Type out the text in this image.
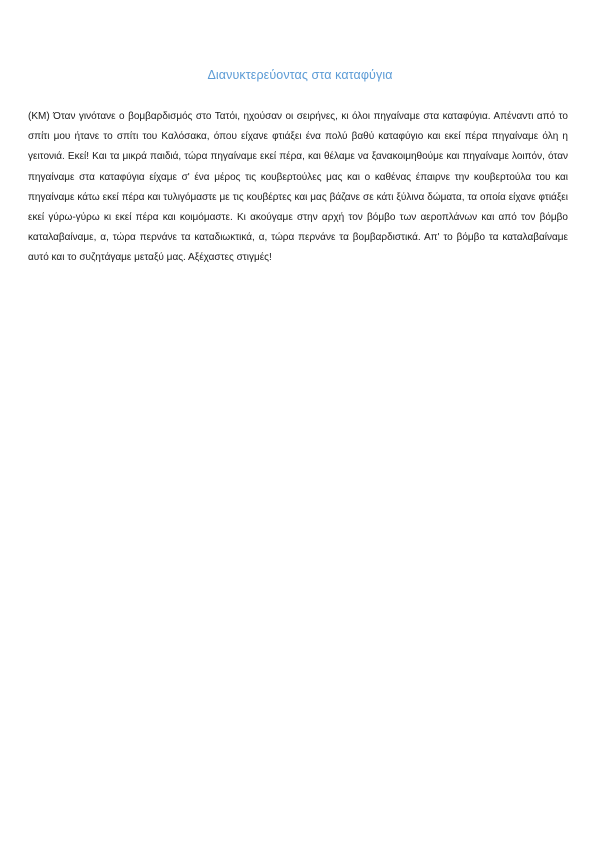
Διανυκτερεύοντας στα καταφύγια

(ΚΜ) Όταν γινότανε ο βομβαρδισμός στο Τατόι, ηχούσαν οι σειρήνες, κι όλοι πηγαίναμε στα καταφύγια. Απέναντι από το σπίτι μου ήτανε το σπίτι του Καλόσακα, όπου είχανε φτιάξει ένα πολύ βαθύ καταφύγιο και εκεί πέρα πηγαίναμε όλη η γειτονιά. Εκεί! Και τα μικρά παιδιά, τώρα πηγαίναμε εκεί πέρα, και θέλαμε να ξανακοιμηθούμε και πηγαίναμε λοιπόν, όταν πηγαίναμε στα καταφύγια είχαμε σ' ένα μέρος τις κουβερτούλες μας και ο καθένας έπαιρνε την κουβερτούλα του και πηγαίναμε κάτω εκεί πέρα και τυλιγόμαστε με τις κουβέρτες και μας βάζανε σε κάτι ξύλινα δώματα, τα οποία είχανε φτιάξει εκεί γύρω-γύρω κι εκεί πέρα και κοιμόμαστε. Κι ακούγαμε στην αρχή τον βόμβο των αεροπλάνων και από τον βόμβο καταλαβαίναμε, α, τώρα περνάνε τα καταδιωκτικά, α, τώρα περνάνε τα βομβαρδιστικά. Απ' το βόμβο τα καταλαβαίναμε αυτό και το συζητάγαμε μεταξύ μας. Αξέχαστες στιγμές!
